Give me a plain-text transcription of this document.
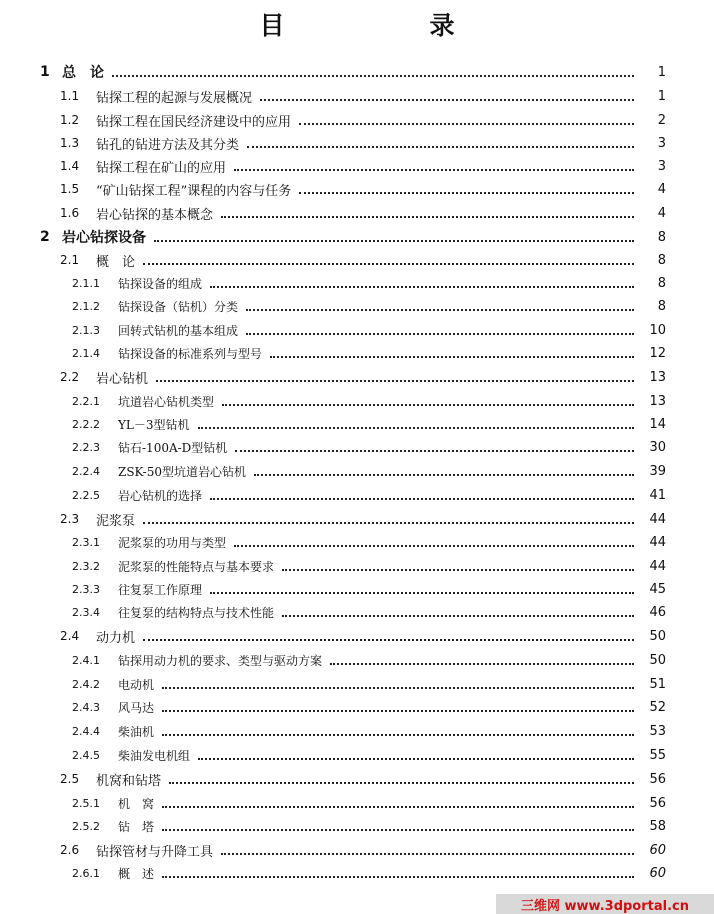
目　录
1 总　论	1
1.1 钻探工程的起源与发展概况	1
1.2 钻探工程在国民经济建设中的应用	2
1.3 钻孔的钻进方法及其分类	3
1.4 钻探工程在矿山的应用	3
1.5 “矿山钻探工程”课程的内容与任务	4
1.6 岩心钻探的基本概念	4
2 岩心钻探设备	8
2.1 概　论	8
2.1.1 钻探设备的组成	8
2.1.2 钻探设备（钻机）分类	8
2.1.3 回转式钻机的基本组成	10
2.1.4 钻探设备的标准系列与型号	12
2.2 岩心钻机	13
2.2.1 坑道岩心钻机类型	13
2.2.2 YL－3型钻机	14
2.2.3 钻石-100A-D型钻机	30
2.2.4 ZSK-50型坑道岩心钻机	39
2.2.5 岩心钻机的选择	41
2.3 泥浆泵	44
2.3.1 泥浆泵的功用与类型	44
2.3.2 泥浆泵的性能特点与基本要求	44
2.3.3 往复泵工作原理	45
2.3.4 往复泵的结构特点与技术性能	46
2.4 动力机	50
2.4.1 钻探用动力机的要求、类型与驱动方案	50
2.4.2 电动机	51
2.4.3 风马达	52
2.4.4 柴油机	53
2.4.5 柴油发电机组	55
2.5 机窝和钻塔	56
2.5.1 机　窝	56
2.5.2 钻　塔	58
2.6 钻探管材与升降工具	60
2.6.1 概　述	60
三维网 www.3dportal.cn
